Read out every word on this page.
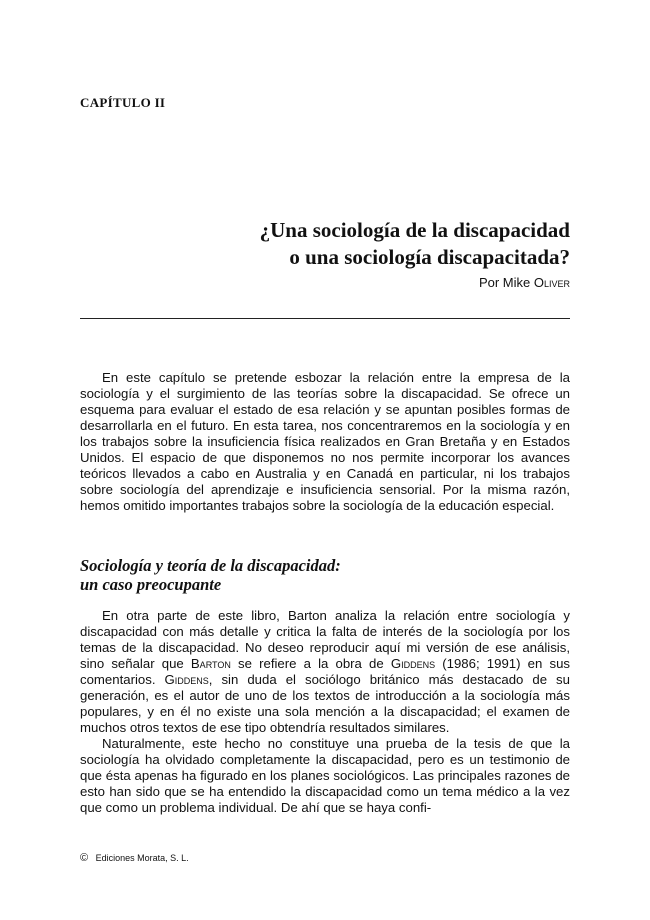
CAPÍTULO II
¿Una sociología de la discapacidad
o una sociología discapacitada?
Por Mike Oliver

En este capítulo se pretende esbozar la relación entre la empresa de la sociología y el surgimiento de las teorías sobre la discapacidad. Se ofrece un esquema para evaluar el estado de esa relación y se apuntan posibles formas de desarrollarla en el futuro. En esta tarea, nos concentraremos en la sociología y en los trabajos sobre la insuficiencia física realizados en Gran Bretaña y en Estados Unidos. El espacio de que disponemos no nos permite incorporar los avances teóricos llevados a cabo en Australia y en Canadá en particular, ni los trabajos sobre sociología del aprendizaje e insuficiencia sensorial. Por la misma razón, hemos omitido importantes trabajos sobre la sociología de la educación especial.

Sociología y teoría de la discapacidad:
un caso preocupante

En otra parte de este libro, Barton analiza la relación entre sociología y discapacidad con más detalle y critica la falta de interés de la sociología por los temas de la discapacidad. No deseo reproducir aquí mi versión de ese análisis, sino señalar que Barton se refiere a la obra de Giddens (1986; 1991) en sus comentarios. Giddens, sin duda el sociólogo británico más destacado de su generación, es el autor de uno de los textos de introducción a la sociología más populares, y en él no existe una sola mención a la discapacidad; el examen de muchos otros textos de ese tipo obtendría resultados similares.

Naturalmente, este hecho no constituye una prueba de la tesis de que la sociología ha olvidado completamente la discapacidad, pero es un testimonio de que ésta apenas ha figurado en los planes sociológicos. Las principales razones de esto han sido que se ha entendido la discapacidad como un tema médico a la vez que como un problema individual. De ahí que se haya confi-

© Ediciones Morata, S. L.
